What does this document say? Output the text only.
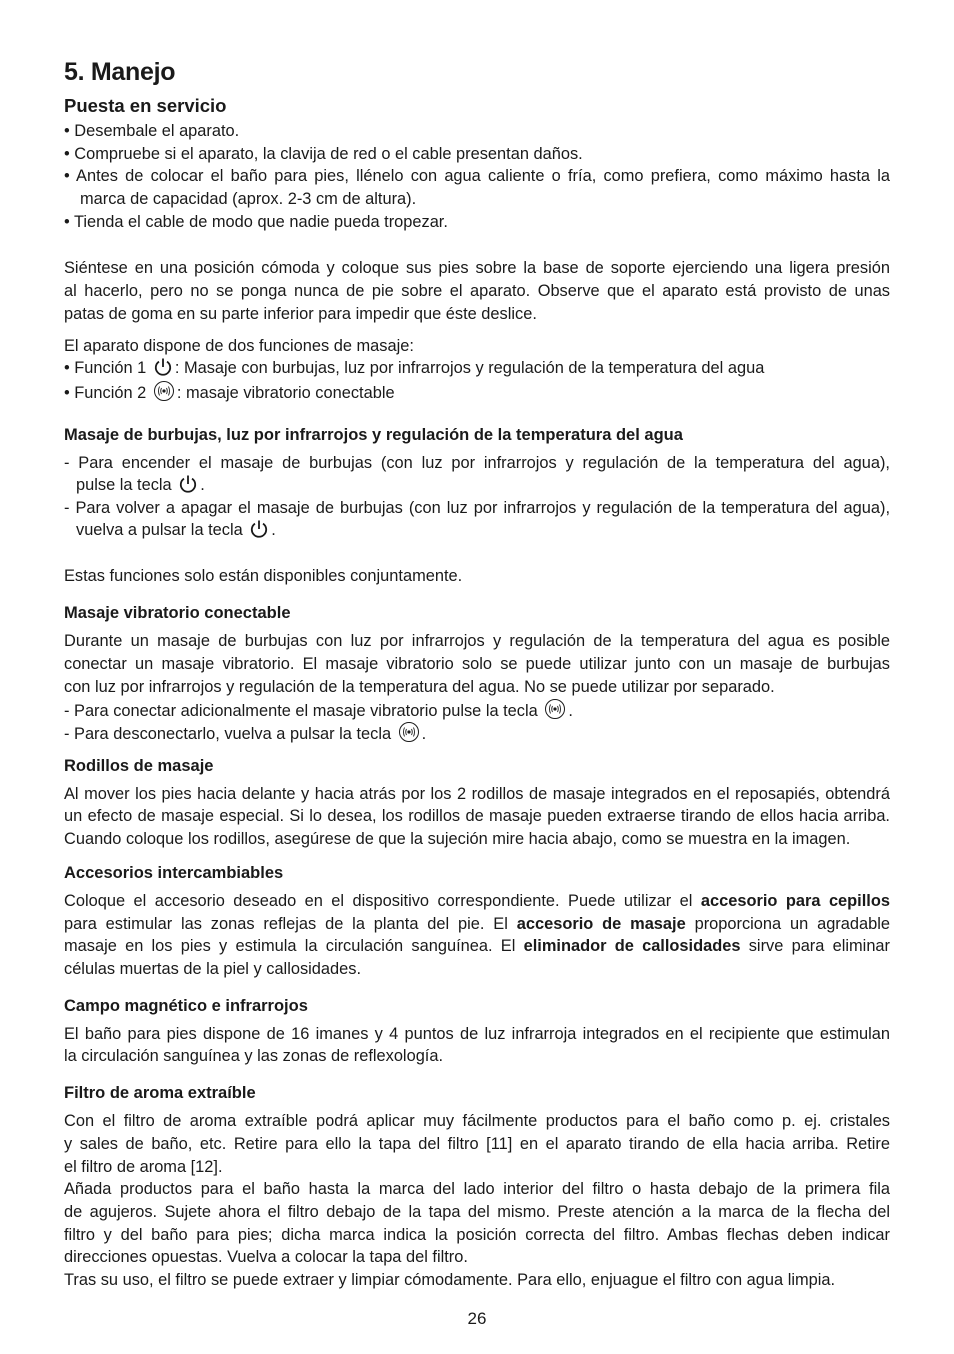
5. Manejo
Puesta en servicio
• Desembale el aparato.
• Compruebe si el aparato, la clavija de red o el cable presentan daños.
• Antes de colocar el baño para pies, llénelo con agua caliente o fría, como prefiera, como máximo hasta la
marca de capacidad (aprox. 2-3 cm de altura).
• Tienda el cable de modo que nadie pueda tropezar.
Siéntese en una posición cómoda y coloque sus pies sobre la base de soporte ejerciendo una ligera presión
al hacerlo, pero no se ponga nunca de pie sobre el aparato. Observe que el aparato está provisto de unas
patas de goma en su parte inferior para impedir que éste deslice.
El aparato dispone de dos funciones de masaje:
• Función 1 : Masaje con burbujas, luz por infrarrojos y regulación de la temperatura del agua
• Función 2 : masaje vibratorio conectable
Masaje de burbujas, luz por infrarrojos y regulación de la temperatura del agua
- Para encender el masaje de burbujas (con luz por infrarrojos y regulación de la temperatura del agua),
pulse la tecla .
- Para volver a apagar el masaje de burbujas (con luz por infrarrojos y regulación de la temperatura del agua),
vuelva a pulsar la tecla .
Estas funciones solo están disponibles conjuntamente.
Masaje vibratorio conectable
Durante un masaje de burbujas con luz por infrarrojos y regulación de la temperatura del agua es posible
conectar un masaje vibratorio. El masaje vibratorio solo se puede utilizar junto con un masaje de burbujas
con luz por infrarrojos y regulación de la temperatura del agua. No se puede utilizar por separado.
- Para conectar adicionalmente el masaje vibratorio pulse la tecla .
- Para desconectarlo, vuelva a pulsar la tecla .
Rodillos de masaje
Al mover los pies hacia delante y hacia atrás por los 2 rodillos de masaje integrados en el reposapiés, obtendrá
un efecto de masaje especial. Si lo desea, los rodillos de masaje pueden extraerse tirando de ellos hacia arriba.
Cuando coloque los rodillos, asegúrese de que la sujeción mire hacia abajo, como se muestra en la imagen.
Accesorios intercambiables
Coloque el accesorio deseado en el dispositivo correspondiente. Puede utilizar el accesorio para cepillos
para estimular las zonas reflejas de la planta del pie. El accesorio de masaje proporciona un agradable
masaje en los pies y estimula la circulación sanguínea. El eliminador de callosidades sirve para eliminar
células muertas de la piel y callosidades.
Campo magnético e infrarrojos
El baño para pies dispone de 16 imanes y 4 puntos de luz infrarroja integrados en el recipiente que estimulan
la circulación sanguínea y las zonas de reflexología.
Filtro de aroma extraíble
Con el filtro de aroma extraíble podrá aplicar muy fácilmente productos para el baño como p. ej. cristales
y sales de baño, etc. Retire para ello la tapa del filtro [11] en el aparato tirando de ella hacia arriba. Retire
el filtro de aroma [12].
Añada productos para el baño hasta la marca del lado interior del filtro o hasta debajo de la primera fila
de agujeros. Sujete ahora el filtro debajo de la tapa del mismo. Preste atención a la marca de la flecha del
filtro y del baño para pies; dicha marca indica la posición correcta del filtro. Ambas flechas deben indicar
direcciones opuestas. Vuelva a colocar la tapa del filtro.
Tras su uso, el filtro se puede extraer y limpiar cómodamente. Para ello, enjuague el filtro con agua limpia.
26
